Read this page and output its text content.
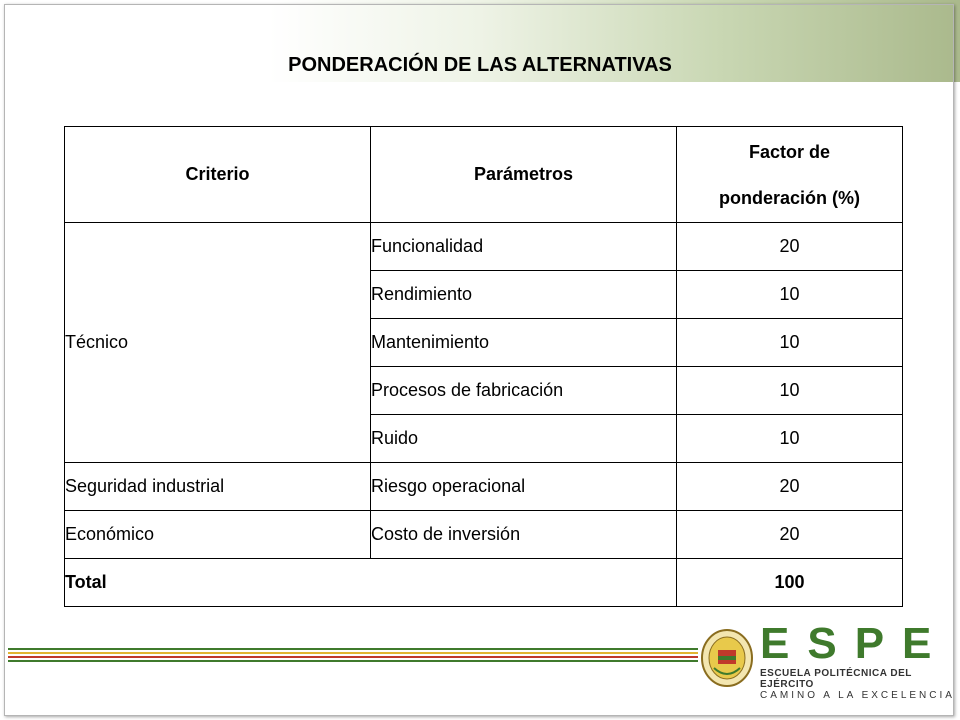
PONDERACIÓN DE LAS ALTERNATIVAS
Criterio	Parámetros	Factor de
ponderación (%)

Técnico	Funcionalidad	20
	Rendimiento	10
	Mantenimiento	10
	Procesos de fabricación	10
	Ruido	10
Seguridad industrial	Riesgo operacional	20
Económico	Costo de inversión	20
Total		100
ESPE
ESCUELA POLITÉCNICA DEL EJÉRCITO
CAMINO A LA EXCELENCIA
